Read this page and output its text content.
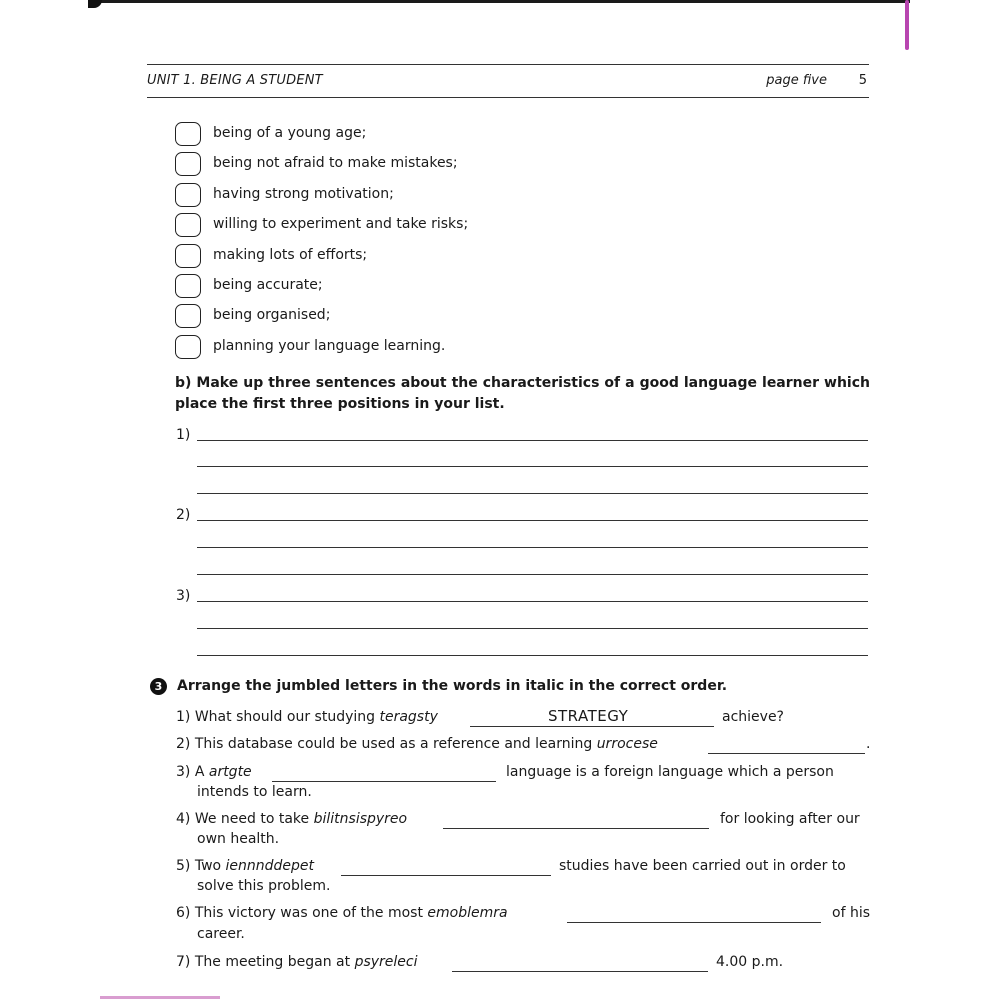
UNIT 1. BEING A STUDENT	page five 5
being of a young age;
being not afraid to make mistakes;
having strong motivation;
willing to experiment and take risks;
making lots of efforts;
being accurate;
being organised;
planning your language learning.
b) Make up three sentences about the characteristics of a good language learner which place the first three positions in your list.
1)
2)
3)
3	Arrange the jumbled letters in the words in italic in the correct order.
1) What should our studying teragsty	STRATEGY	achieve?
2) This database could be used as a reference and learning urrocese	.
3) A artgte	language is a foreign language which a person
intends to learn.
4) We need to take bilitnsispyreo	for looking after our
own health.
5) Two iennnddepet	studies have been carried out in order to
solve this problem.
6) This victory was one of the most emoblemra	of his
career.
7) The meeting began at psyreleci	4.00 p.m.
